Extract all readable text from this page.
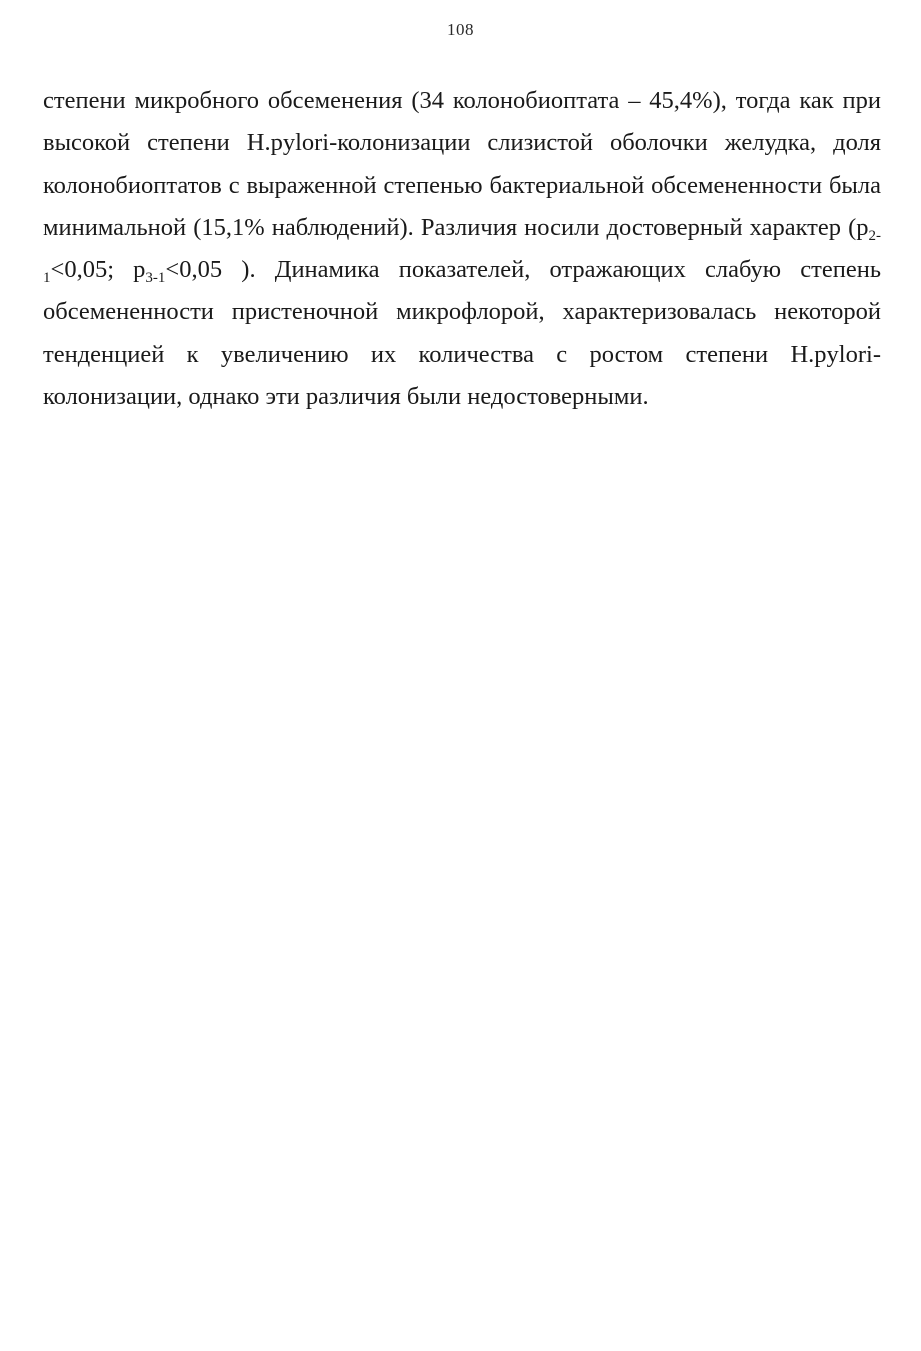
108
степени микробного обсеменения (34 колонобиоптата – 45,4%), тогда как при
высокой степени H.pylori-колонизации слизистой оболочки желудка, доля
колонобиоптатов с выраженной степенью бактериальной обсемененности была
минимальной (15,1% наблюдений). Различия носили достоверный характер ($р_{2-}$
$_1$<0,05; $р_{3-1}<0,05$ ). Динамика показателей, отражающих слабую степень
обсемененности пристеночной микрофлорой, характеризовалась некоторой
тенденцией к увеличению их количества с ростом степени H.pylori-
колонизации, однако эти различия были недостоверными.
